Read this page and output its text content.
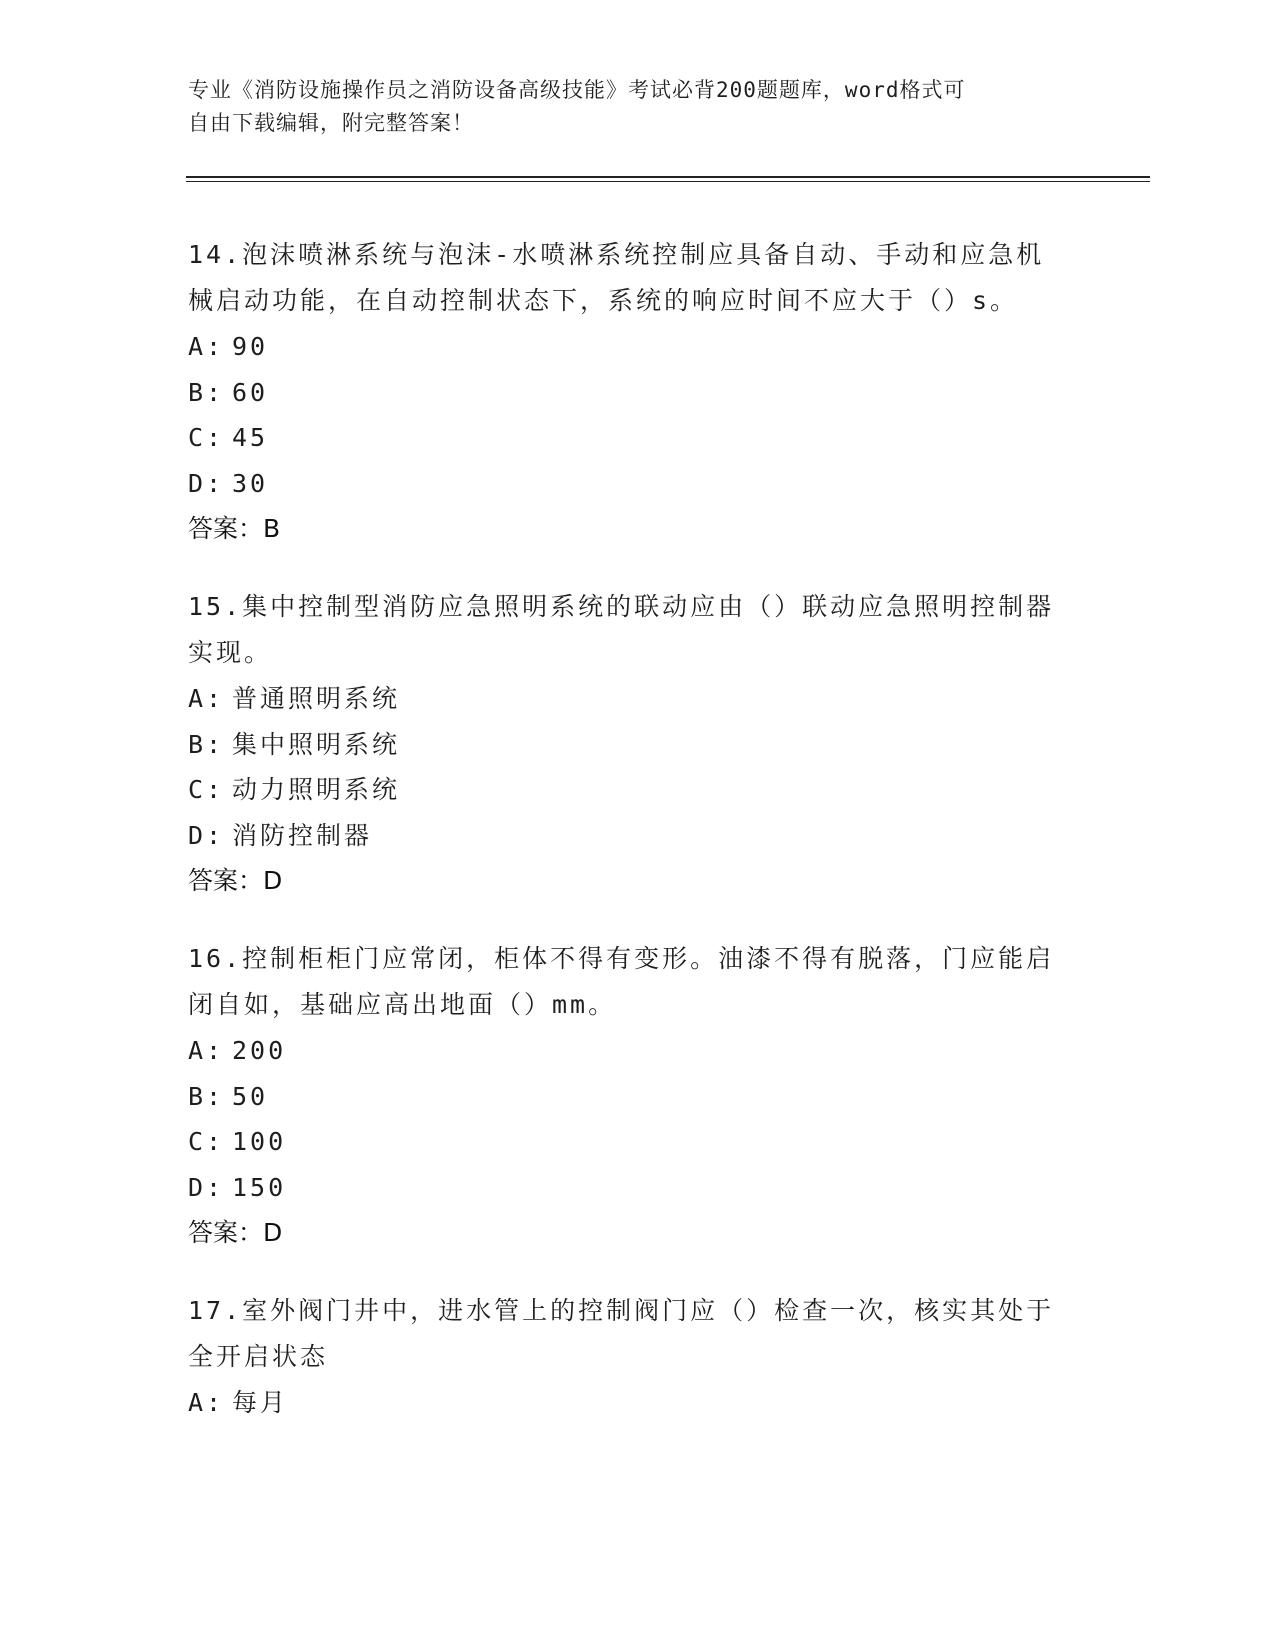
专业《消防设施操作员之消防设备高级技能》考试必背200题题库，word格式可
自由下载编辑，附完整答案！

14.泡沫喷淋系统与泡沫-水喷淋系统控制应具备自动、手动和应急机

械启动功能，在自动控制状态下，系统的响应时间不应大于（）s。

A: 90

B: 60

C: 45

D: 30

答案：B

15.集中控制型消防应急照明系统的联动应由（）联动应急照明控制器

实现。

A: 普通照明系统

B: 集中照明系统

C: 动力照明系统

D: 消防控制器

答案：D

16.控制柜柜门应常闭，柜体不得有变形。油漆不得有脱落，门应能启

闭自如，基础应高出地面（）mm。

A: 200

B: 50

C: 100

D: 150

答案：D

17.室外阀门井中，进水管上的控制阀门应（）检查一次，核实其处于

全开启状态

A: 每月
